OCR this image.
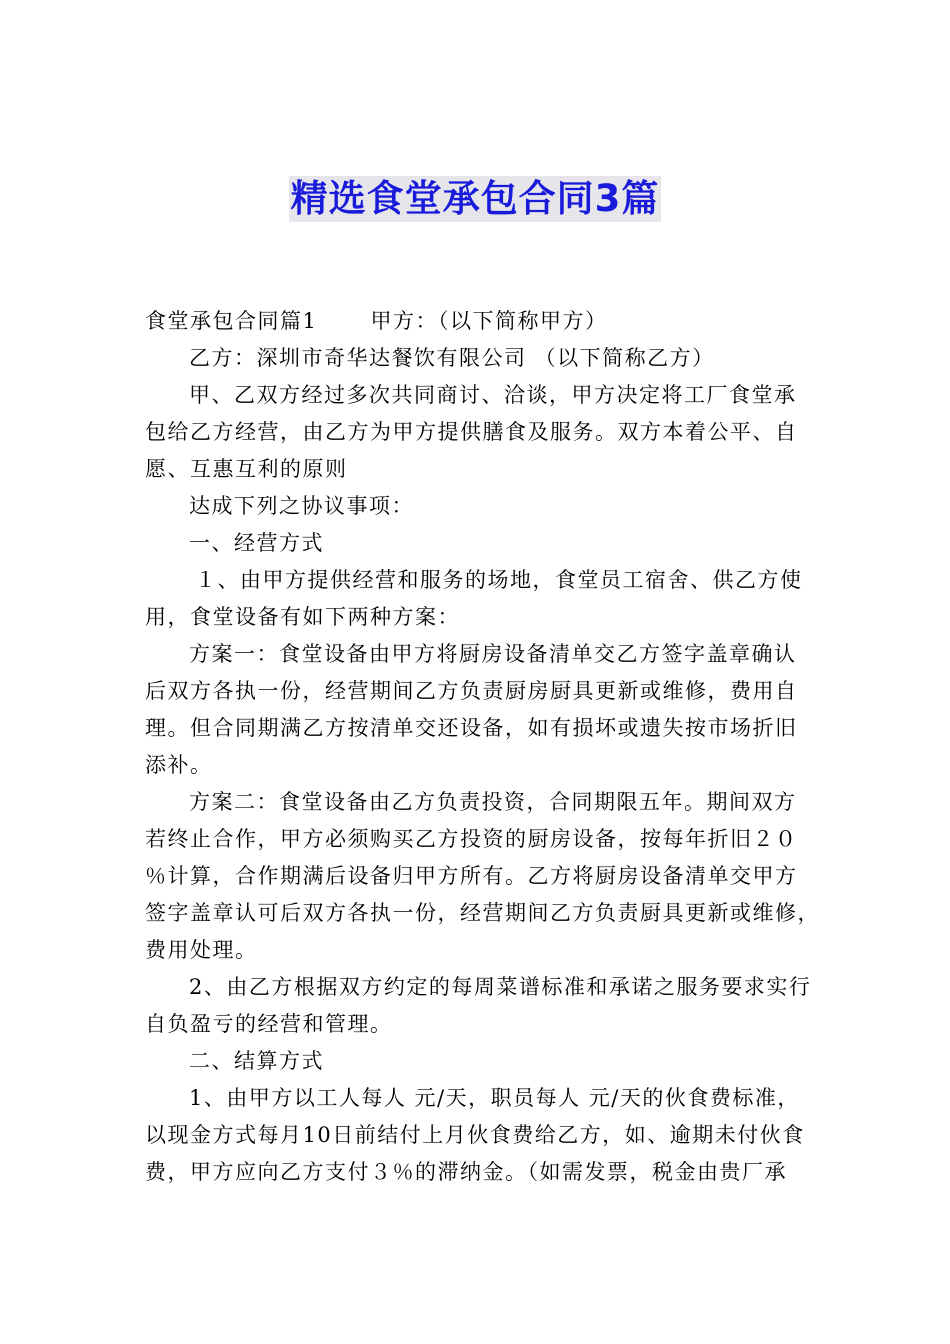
精选食堂承包合同3篇
食堂承包合同篇1　　 甲方：（以下简称甲方）
乙方：深圳市奇华达餐饮有限公司 （以下简称乙方）
甲、乙双方经过多次共同商讨、洽谈，甲方决定将工厂食堂承
包给乙方经营，由乙方为甲方提供膳食及服务。双方本着公平、自
愿、互惠互利的原则
达成下列之协议事项：
一、经营方式
１、由甲方提供经营和服务的场地，食堂员工宿舍、供乙方使
用，食堂设备有如下两种方案：
方案一：食堂设备由甲方将厨房设备清单交乙方签字盖章确认
后双方各执一份，经营期间乙方负责厨房厨具更新或维修，费用自
理。但合同期满乙方按清单交还设备，如有损坏或遗失按市场折旧
添补。
方案二：食堂设备由乙方负责投资，合同期限五年。期间双方
若终止合作，甲方必须购买乙方投资的厨房设备，按每年折旧２０
％计算，合作期满后设备归甲方所有。乙方将厨房设备清单交甲方
签字盖章认可后双方各执一份，经营期间乙方负责厨具更新或维修，
费用处理。
2、由乙方根据双方约定的每周菜谱标准和承诺之服务要求实行
自负盈亏的经营和管理。
二、结算方式
1、由甲方以工人每人 元/天，职员每人 元/天的伙食费标准，
以现金方式每月10日前结付上月伙食费给乙方，如、逾期未付伙食
费，甲方应向乙方支付３％的滞纳金。（如需发票，税金由贵厂承
